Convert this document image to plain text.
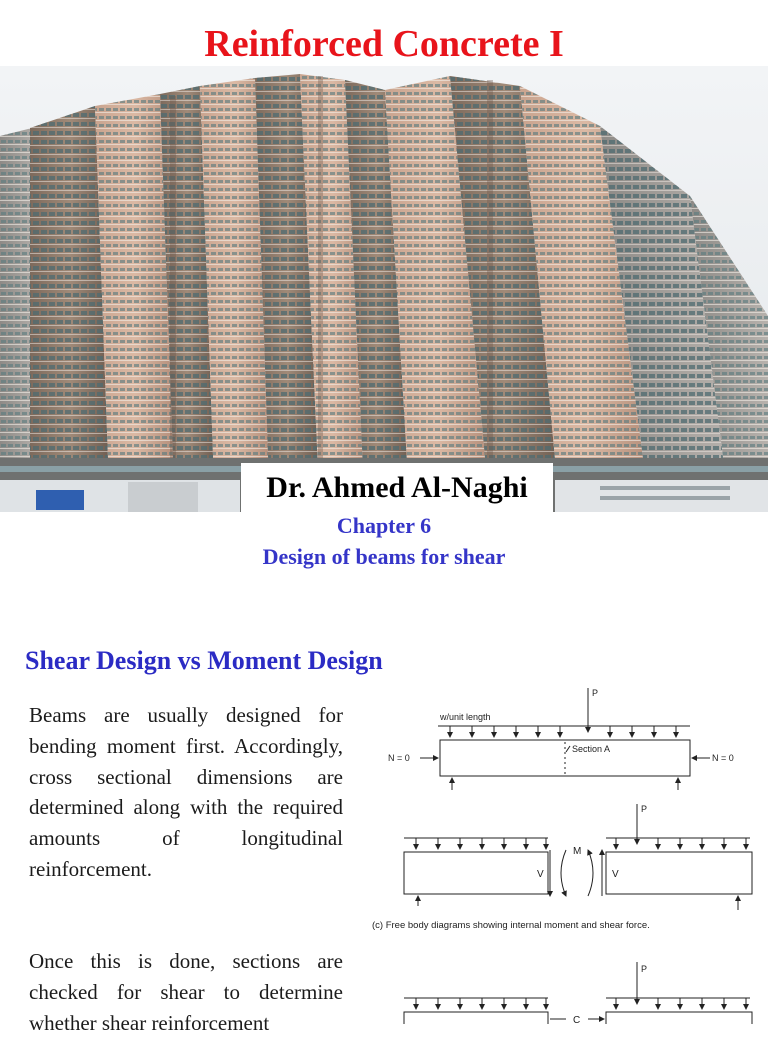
Reinforced Concrete I
Dr. Ahmed Al-Naghi
Chapter 6
Design of beams for shear
Shear Design vs Moment Design

Beams are usually designed for bending moment first. Accordingly, cross sectional dimensions are determined along with the required amounts of longitudinal reinforcement.

Once this is done, sections are checked for shear to determine whether shear reinforcement

P
w/unit length
N = 0	N = 0
Section A
P
V	V
M
(c) Free body diagrams showing internal moment and shear force.
P
C
